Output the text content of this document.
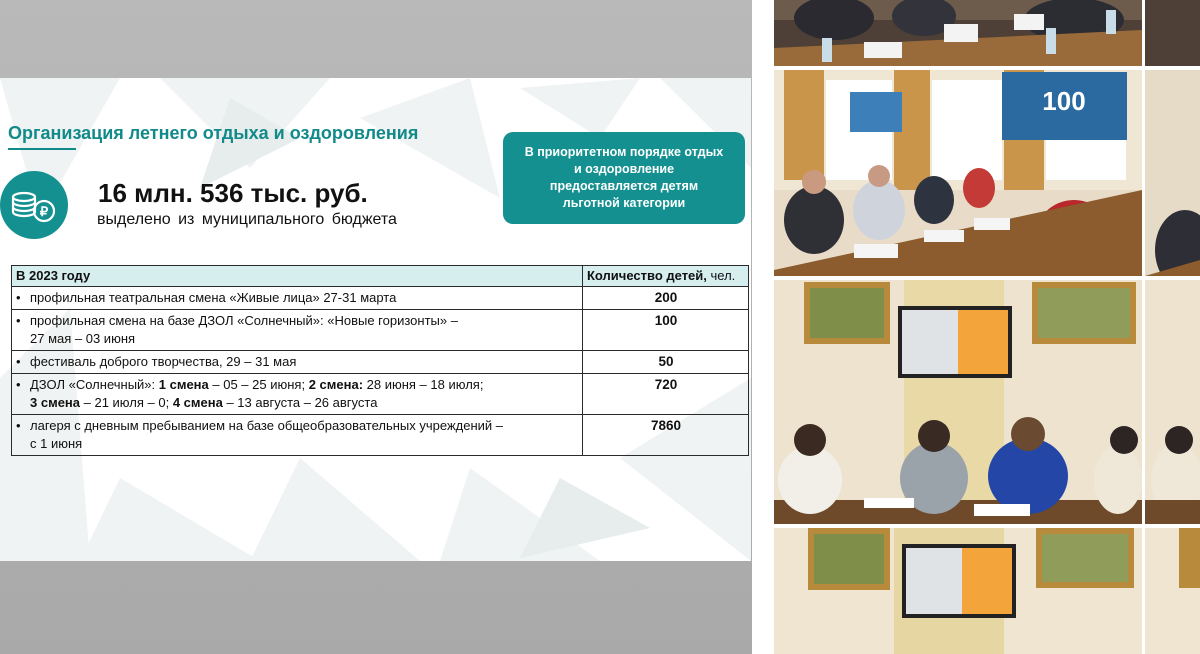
Организация летнего отдыха и оздоровления
₽
16 млн. 536 тыс. руб.
выделено из муниципального бюджета
В приоритетном порядке отдых и оздоровление предоставляется детям льготной категории
В 2023 году	Количество детей, чел.

• профильная театральная смена «Живые лица» 27-31 марта	200

• профильная смена на базе ДЗОЛ «Солнечный»: «Новые горизонты» –
27 мая – 03 июня	100

• фестиваль доброго творчества, 29 – 31 мая	50

• ДЗОЛ «Солнечный»: 1 смена – 05 – 25 июня; 2 смена: 28 июня – 18 июля;
3 смена – 21 июля – 0; 4 смена – 13 августа – 26 августа	720

• лагеря с дневным пребыванием на базе общеобразовательных учреждений –
с 1 июня	7860
100
